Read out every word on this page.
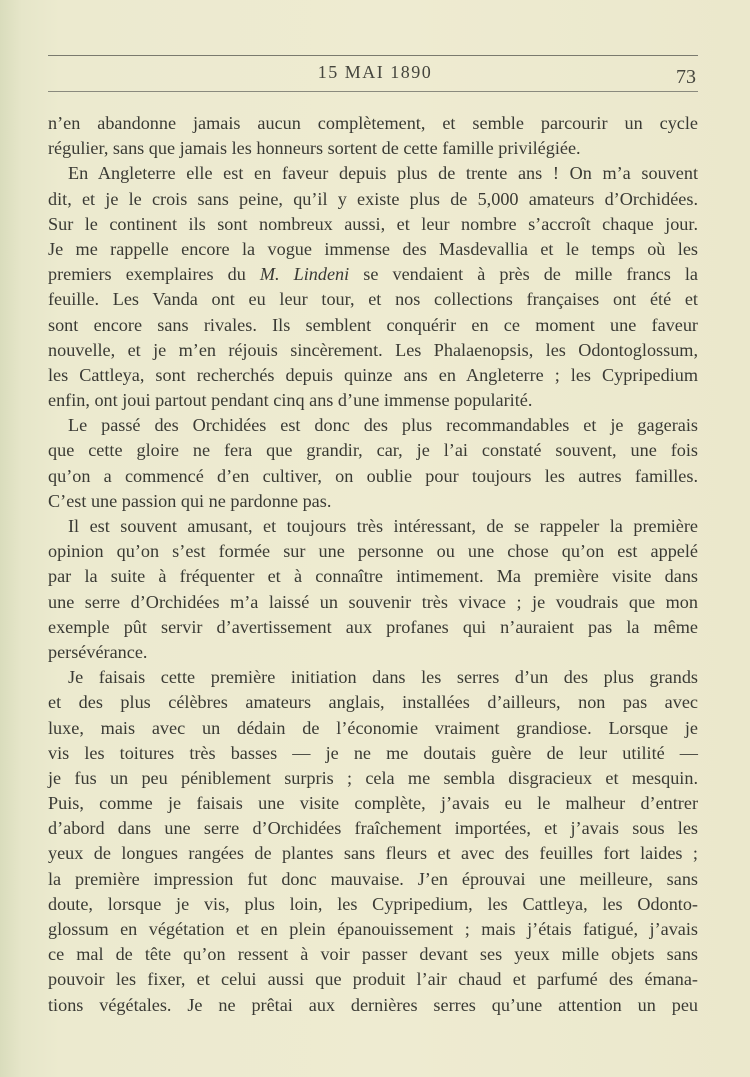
15 MAI 1890	73
n’en abandonne jamais aucun complètement, et semble parcourir un cycle
régulier, sans que jamais les honneurs sortent de cette famille privilégiée.
En Angleterre elle est en faveur depuis plus de trente ans ! On m’a souvent
dit, et je le crois sans peine, qu’il y existe plus de 5,000 amateurs d’Orchidées.
Sur le continent ils sont nombreux aussi, et leur nombre s’accroît chaque jour.
Je me rappelle encore la vogue immense des Masdevallia et le temps où les
premiers exemplaires du M. Lindeni se vendaient à près de mille francs la
feuille. Les Vanda ont eu leur tour, et nos collections françaises ont été et
sont encore sans rivales. Ils semblent conquérir en ce moment une faveur
nouvelle, et je m’en réjouis sincèrement. Les Phalaenopsis, les Odontoglossum,
les Cattleya, sont recherchés depuis quinze ans en Angleterre ; les Cypripedium
enfin, ont joui partout pendant cinq ans d’une immense popularité.
Le passé des Orchidées est donc des plus recommandables et je gagerais
que cette gloire ne fera que grandir, car, je l’ai constaté souvent, une fois
qu’on a commencé d’en cultiver, on oublie pour toujours les autres familles.
C’est une passion qui ne pardonne pas.
Il est souvent amusant, et toujours très intéressant, de se rappeler la première
opinion qu’on s’est formée sur une personne ou une chose qu’on est appelé
par la suite à fréquenter et à connaître intimement. Ma première visite dans
une serre d’Orchidées m’a laissé un souvenir très vivace ; je voudrais que mon
exemple pût servir d’avertissement aux profanes qui n’auraient pas la même
persévérance.
Je faisais cette première initiation dans les serres d’un des plus grands
et des plus célèbres amateurs anglais, installées d’ailleurs, non pas avec
luxe, mais avec un dédain de l’économie vraiment grandiose. Lorsque je
vis les toitures très basses — je ne me doutais guère de leur utilité —
je fus un peu péniblement surpris ; cela me sembla disgracieux et mesquin.
Puis, comme je faisais une visite complète, j’avais eu le malheur d’entrer
d’abord dans une serre d’Orchidées fraîchement importées, et j’avais sous les
yeux de longues rangées de plantes sans fleurs et avec des feuilles fort laides ;
la première impression fut donc mauvaise. J’en éprouvai une meilleure, sans
doute, lorsque je vis, plus loin, les Cypripedium, les Cattleya, les Odonto-
glossum en végétation et en plein épanouissement ; mais j’étais fatigué, j’avais
ce mal de tête qu’on ressent à voir passer devant ses yeux mille objets sans
pouvoir les fixer, et celui aussi que produit l’air chaud et parfumé des émana-
tions végétales. Je ne prêtai aux dernières serres qu’une attention un peu
